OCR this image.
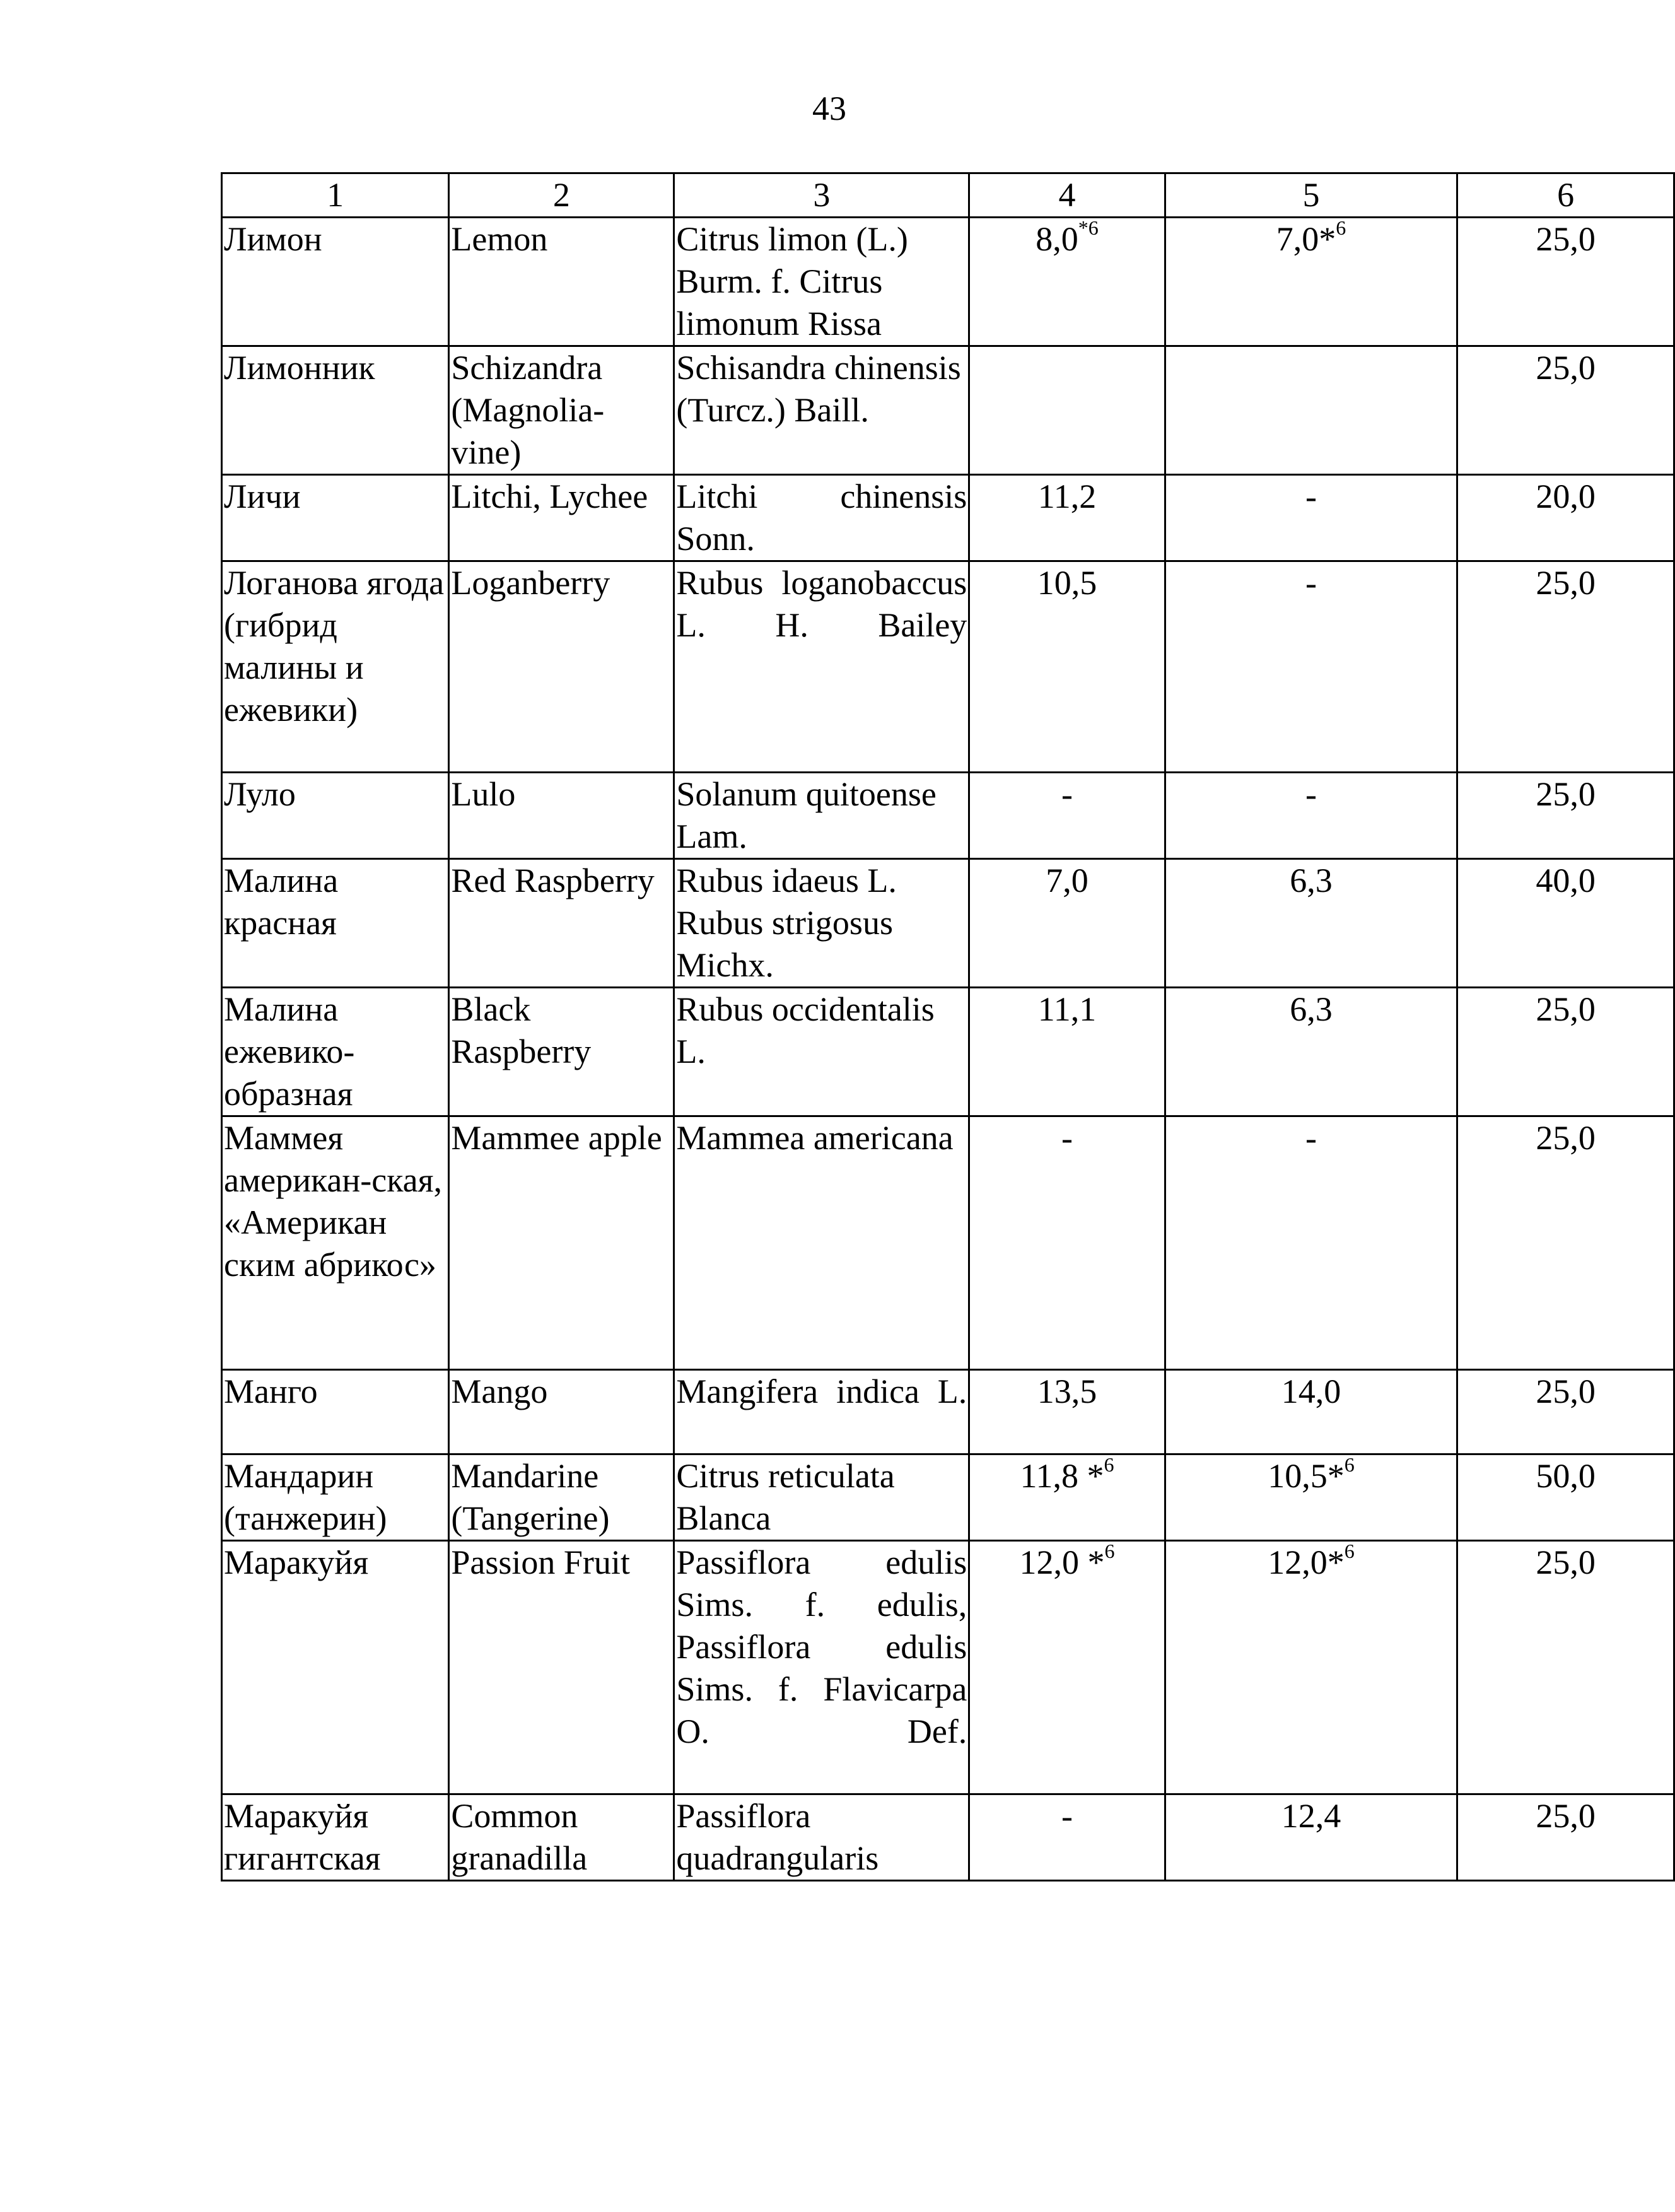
43
1	2	3	4	5	6
Лимон	Lemon	Citrus limon (L.) Burm. f. Citrus limonum Rissa	8,0$^{*6}$	7,0*$^6$	25,0
Лимонник	Schizandra (Magnolia-vine)	Schisandra chinensis (Turcz.) Baill.			25,0
Личи	Litchi, Lychee	Litchi chinensis Sonn.	11,2	-	20,0
Логанова ягода (гибрид малины и ежевики)	Loganberry	Rubus loganobaccus L. H. Bailey	10,5	-	25,0
Луло	Lulo	Solanum quitoense Lam.	-	-	25,0
Малина красная	Red Raspberry	Rubus idaeus L. Rubus strigosus Michx.	7,0	6,3	40,0
Малина ежевико-образная	Black Raspberry	Rubus occidentalis L.	11,1	6,3	25,0
Маммея американ-ская, «Американ ским абрикос»	Mammee apple	Mammea americana	-	-	25,0
Манго	Mango	Mangifera indica L.	13,5	14,0	25,0
Мандарин (танжерин)	Mandarine (Tangerine)	Citrus reticulata Blanca	11,8 *$^6$	10,5*$^6$	50,0
Маракуйя	Passion Fruit	Passiflora edulis Sims. f. edulis, Passiflora edulis Sims. f. Flavicarpa O. Def.	12,0 *$^6$	12,0*$^6$	25,0
Маракуйя гигантская	Common granadilla	Passiflora quadrangularis	-	12,4	25,0
